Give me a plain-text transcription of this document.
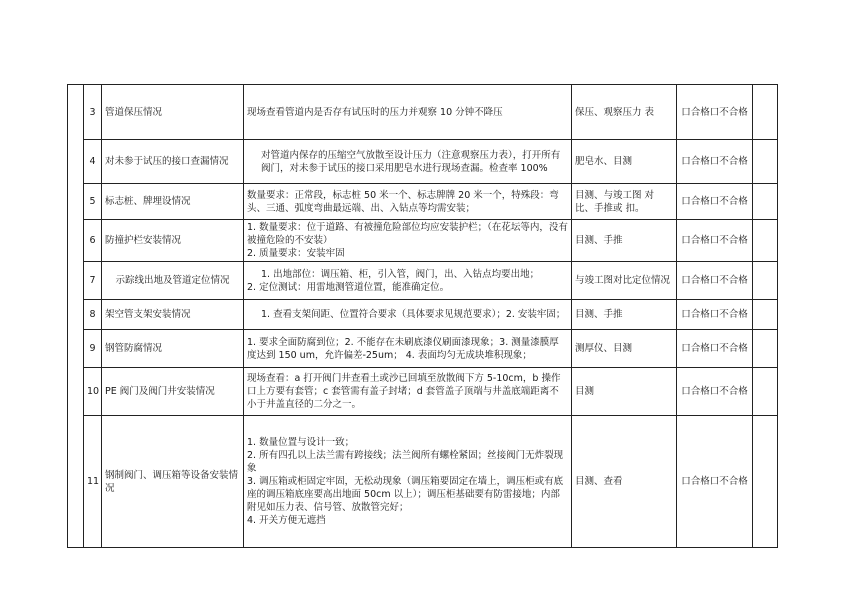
	3	管道保压情况	现场查看管道内是否存有试压时的压力并观察 10 分钟不降压	保压、观察压力 表	口合格口不合格	
	4	对未参于试压的接口查漏情况	对管道内保存的压缩空气放散至设计压力（注意观察压力表），打开所有阀门，对未参于试压的接口采用肥皂水进行现场查漏。检查率 100%	肥皂水、目测	口合格口不合格	
	5	标志桩、牌埋设情况	数量要求：正常段，标志桩 50 米一个、标志牌牌 20 米一个，特殊段：弯 头、三通、弧度弯曲最远端、出、入钻点等均需安装；	目测、与竣工图 对比、手推或 扣。	口合格口不合格	
	6	防撞护栏安装情况	1. 数量要求：位于道路、有被撞危险部位均应安装护栏；（在花坛等内，没有被撞危险的不安装）
2. 质量要求：安装牢固	目测、手推	口合格口不合格	
	7	示踪线出地及管道定位情况	1. 出地部位：调压箱、柜，引入管，阀门，出、入钻点均要出地；
2. 定位测试：用雷地测管道位置，能准确定位。	与竣工图对比定位情况	口合格口不合格	
	8	架空管支架安装情况	1. 查看支架间距、位置符合要求（具体要求见规范要求）；2. 安装牢固；	目测、手推	口合格口不合格	
	9	钢管防腐情况	1. 要求全面防腐到位；2. 不能存在未刷底漆仪刷面漆现象；3. 测量漆膜厚度达到 150 um，允许偏差-25um； 4. 表面均匀无成块堆积现象；	测厚仪、目测	口合格口不合格	
	10	PE 阀门及阀门井安装情况	现场查看：a 打开阀门井查看土或沙已回填至放散阀下方 5-10cm，b 操作口上方要有套管；c 套管需有盖子封堵；d 套管盖子顶端与井盖底端距离不小于井盖直径的二分之一。	目测	口合格口不合格	
	11	钢制阀门、调压箱等设备安装情况	1. 数量位置与设计一致；
2. 所有四孔以上法兰需有跨接线；法兰阀所有螺栓紧固；丝接阀门无炸裂现象
3. 调压箱或柜固定牢固，无松动现象（调压箱要固定在墙上，调压柜或有底座的调压箱底座要高出地面 50cm 以上）；调压柜基础要有防雷接地；内部附见如压力表、信号管、放散管完好；
4. 开关方便无遮挡	目测、查看	口合格口不合格	
